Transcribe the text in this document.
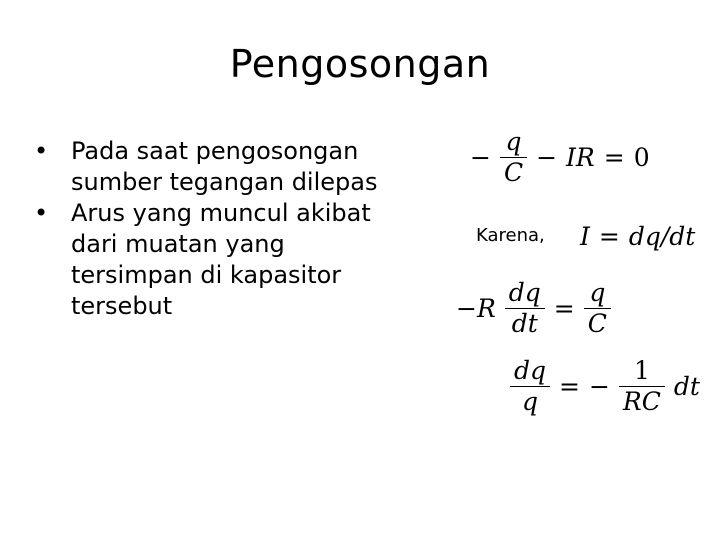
Pengosongan
• Pada saat pengosongan sumber tegangan dilepas
• Arus yang muncul akibat dari muatan yang tersimpan di kapasitor tersebut
− $\frac{q}{C}$ − IR = 0
Karena, I = dq/dt
$-R \frac{dq}{dt} = \frac{q}{C}$
$\frac{dq}{q}$ = − $\frac{1}{RC}$ dt
